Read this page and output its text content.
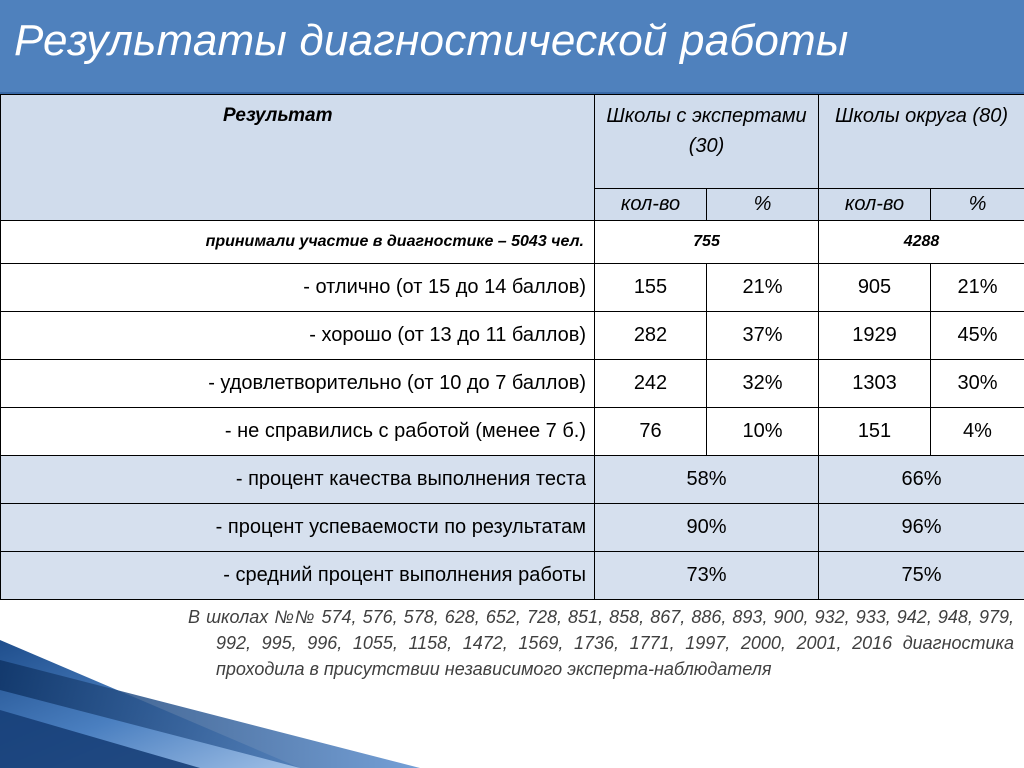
Результаты диагностической работы
Результат	Школы с экспертами (30)		Школы округа (80)	
	кол-во	%	кол-во	%
принимали участие в диагностике – 5043 чел.	755		4288	
- отлично (от 15 до 14 баллов)	155	21%	905	21%
- хорошо (от 13 до 11 баллов)	282	37%	1929	45%
- удовлетворительно (от 10 до 7 баллов)	242	32%	1303	30%
- не справились с работой (менее 7 б.)	76	10%	151	4%
- процент качества выполнения теста	58%		66%	
- процент успеваемости по результатам	90%		96%	
- средний процент выполнения работы	73%		75%	
В школах №№ 574, 576, 578, 628, 652, 728, 851, 858, 867, 886, 893, 900, 932, 933, 942, 948, 979, 992, 995, 996, 1055, 1158, 1472, 1569, 1736, 1771, 1997, 2000, 2001, 2016 диагностика проходила в присутствии независимого эксперта-наблюдателя
